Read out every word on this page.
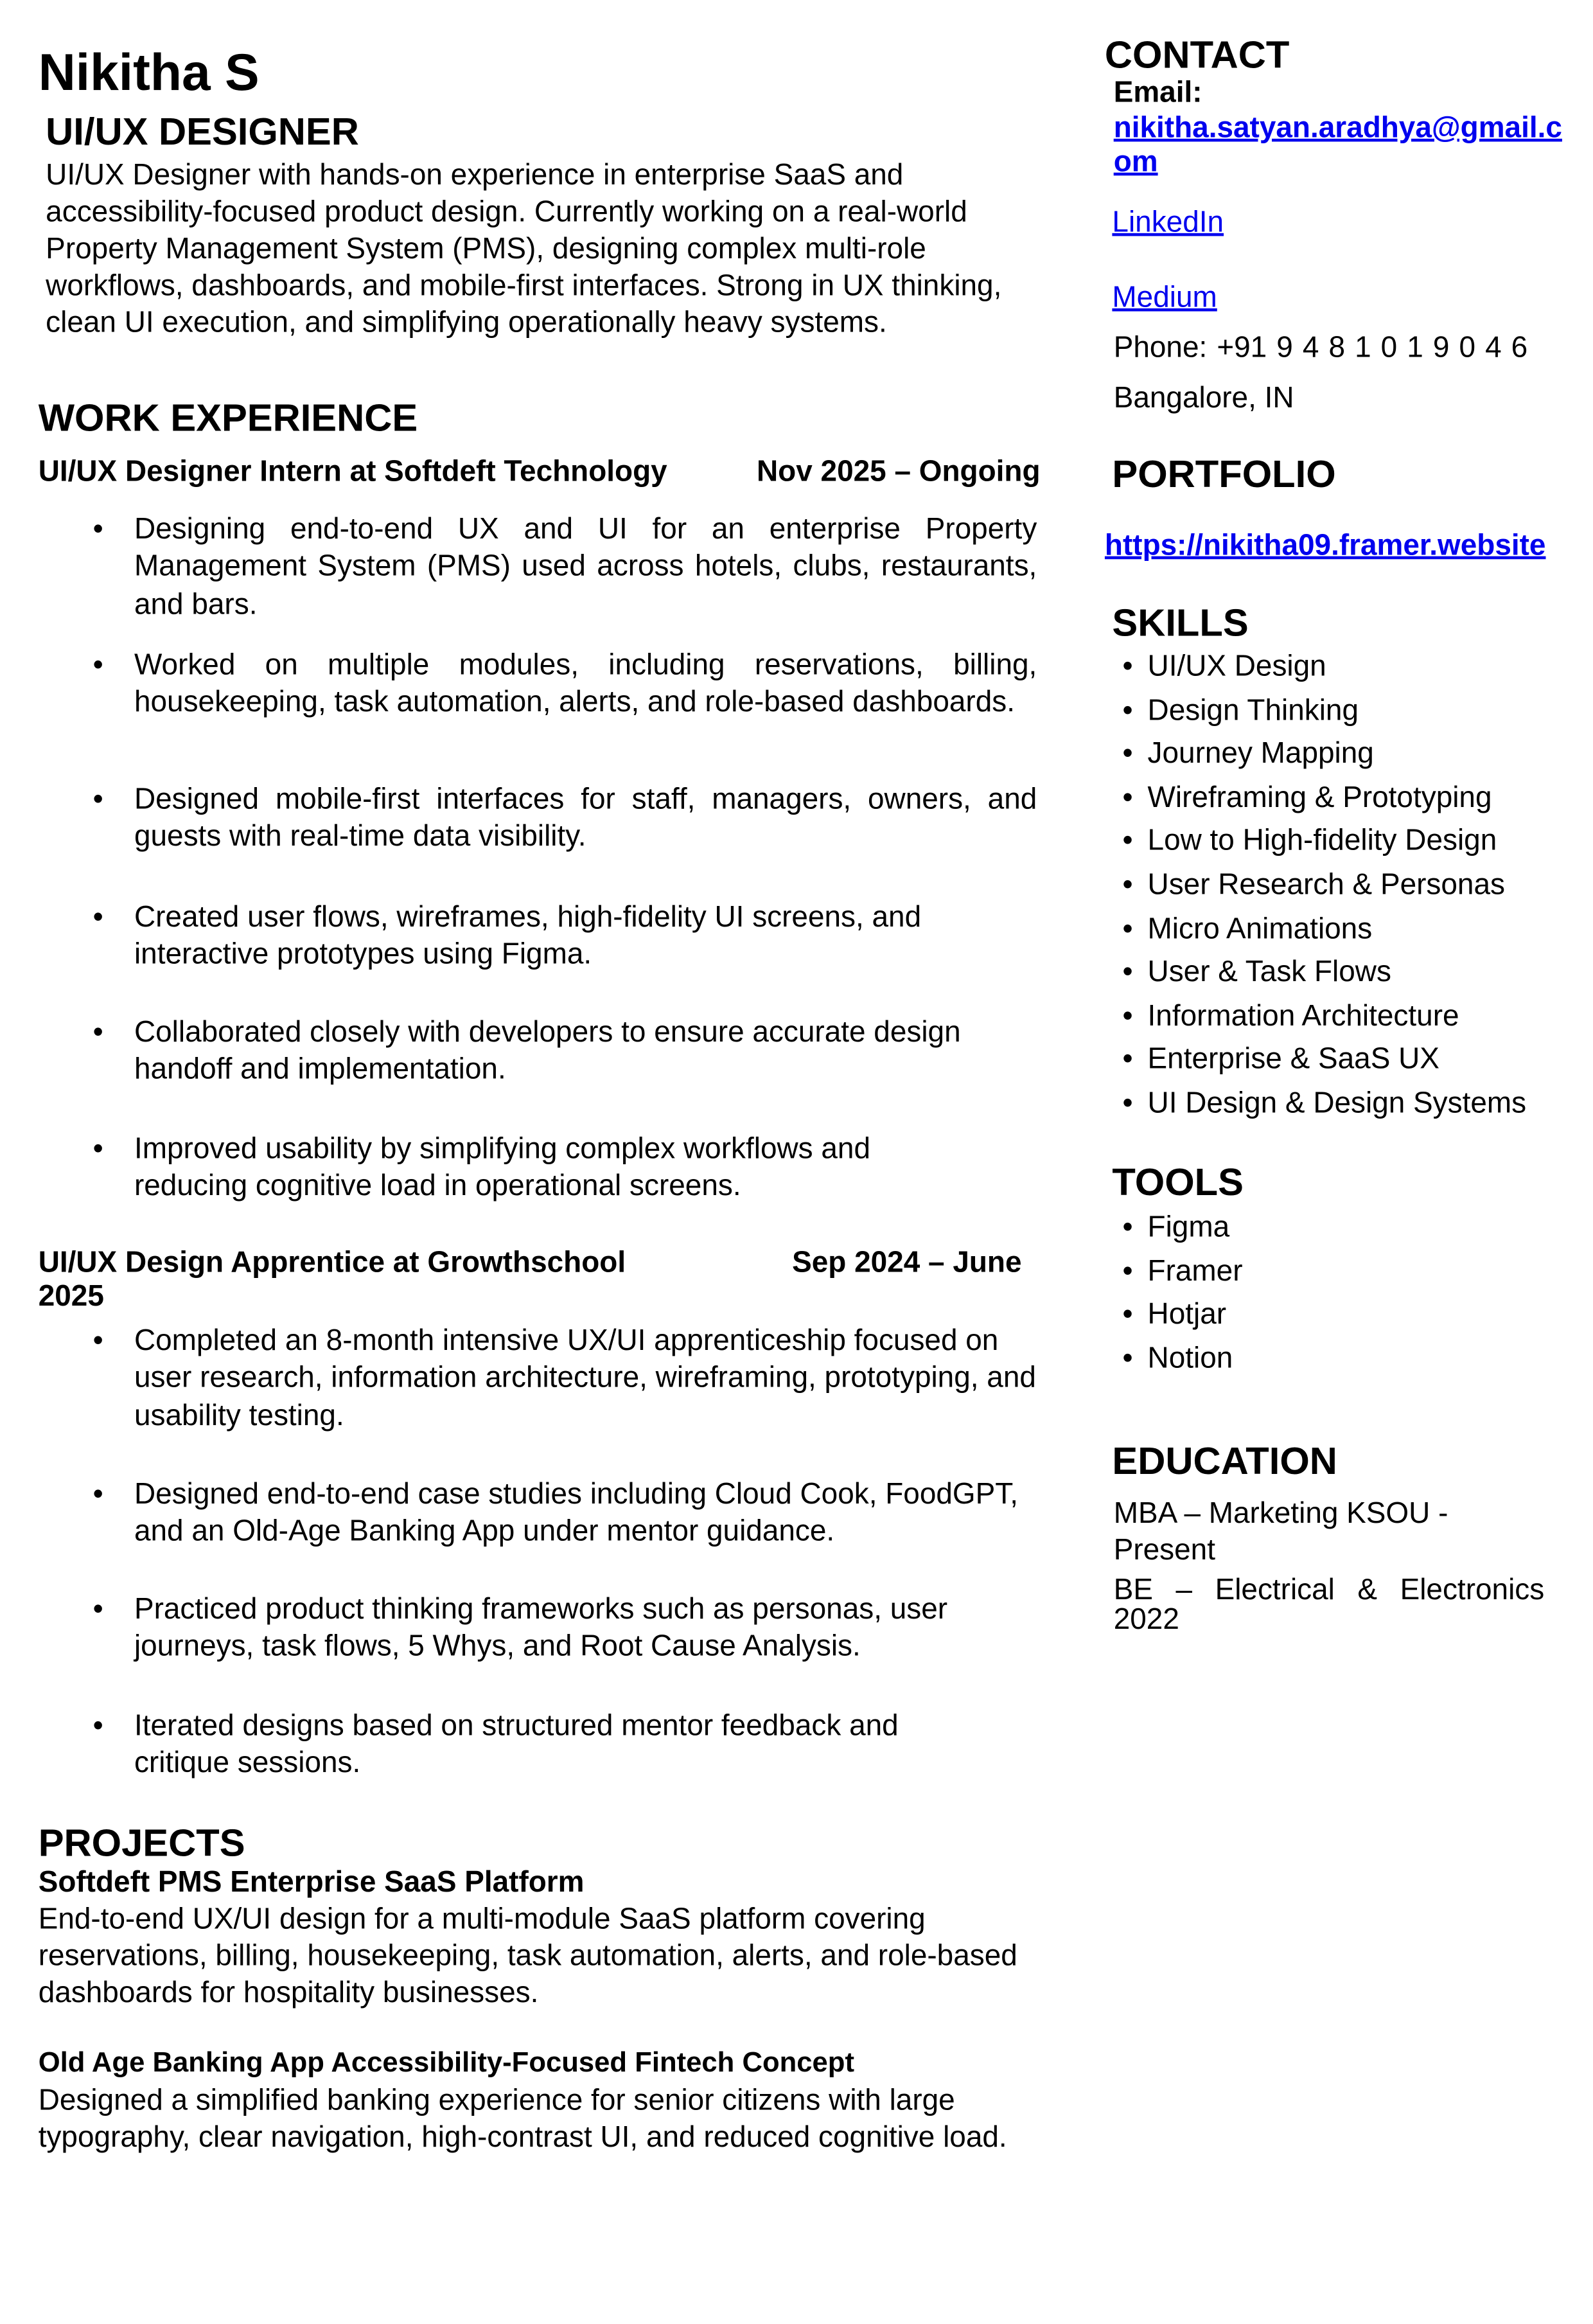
Nikitha S
UI/UX DESIGNER
UI/UX Designer with hands-on experience in enterprise SaaS and accessibility-focused product design. Currently working on a real-world Property Management System (PMS), designing complex multi-role workflows, dashboards, and mobile-first interfaces. Strong in UX thinking, clean UI execution, and simplifying operationally heavy systems.
WORK EXPERIENCE
UI/UX Designer Intern at Softdeft Technology	Nov 2025 – Ongoing
• Designing end-to-end UX and UI for an enterprise Property Management System (PMS) used across hotels, clubs, restaurants, and bars.
• Worked on multiple modules, including reservations, billing, housekeeping, task automation, alerts, and role-based dashboards.
• Designed mobile-first interfaces for staff, managers, owners, and guests with real-time data visibility.
• Created user flows, wireframes, high-fidelity UI screens, and interactive prototypes using Figma.
• Collaborated closely with developers to ensure accurate design handoff and implementation.
• Improved usability by simplifying complex workflows and reducing cognitive load in operational screens.
UI/UX Design Apprentice at Growthschool	Sep 2024 – June
2025
• Completed an 8-month intensive UX/UI apprenticeship focused on user research, information architecture, wireframing, prototyping, and usability testing.
• Designed end-to-end case studies including Cloud Cook, FoodGPT, and an Old-Age Banking App under mentor guidance.
• Practiced product thinking frameworks such as personas, user journeys, task flows, 5 Whys, and Root Cause Analysis.
• Iterated designs based on structured mentor feedback and critique sessions.
PROJECTS
Softdeft PMS Enterprise SaaS Platform
End-to-end UX/UI design for a multi-module SaaS platform covering reservations, billing, housekeeping, task automation, alerts, and role-based dashboards for hospitality businesses.
Old Age Banking App Accessibility-Focused Fintech Concept
Designed a simplified banking experience for senior citizens with large typography, clear navigation, high-contrast UI, and reduced cognitive load.
CONTACT
Email:
nikitha.satyan.aradhya@gmail.c
om
LinkedIn
Medium
Phone: +91 9 4 8 1 0 1 9 0 4 6
Bangalore, IN
PORTFOLIO
https://nikitha09.framer.website
SKILLS
• UI/UX Design
• Design Thinking
• Journey Mapping
• Wireframing & Prototyping
• Low to High-fidelity Design
• User Research & Personas
• Micro Animations
• User & Task Flows
• Information Architecture
• Enterprise & SaaS UX
• UI Design & Design Systems
TOOLS
• Figma
• Framer
• Hotjar
• Notion
EDUCATION
MBA – Marketing KSOU -
Present
BE – Electrical & Electronics
2022
